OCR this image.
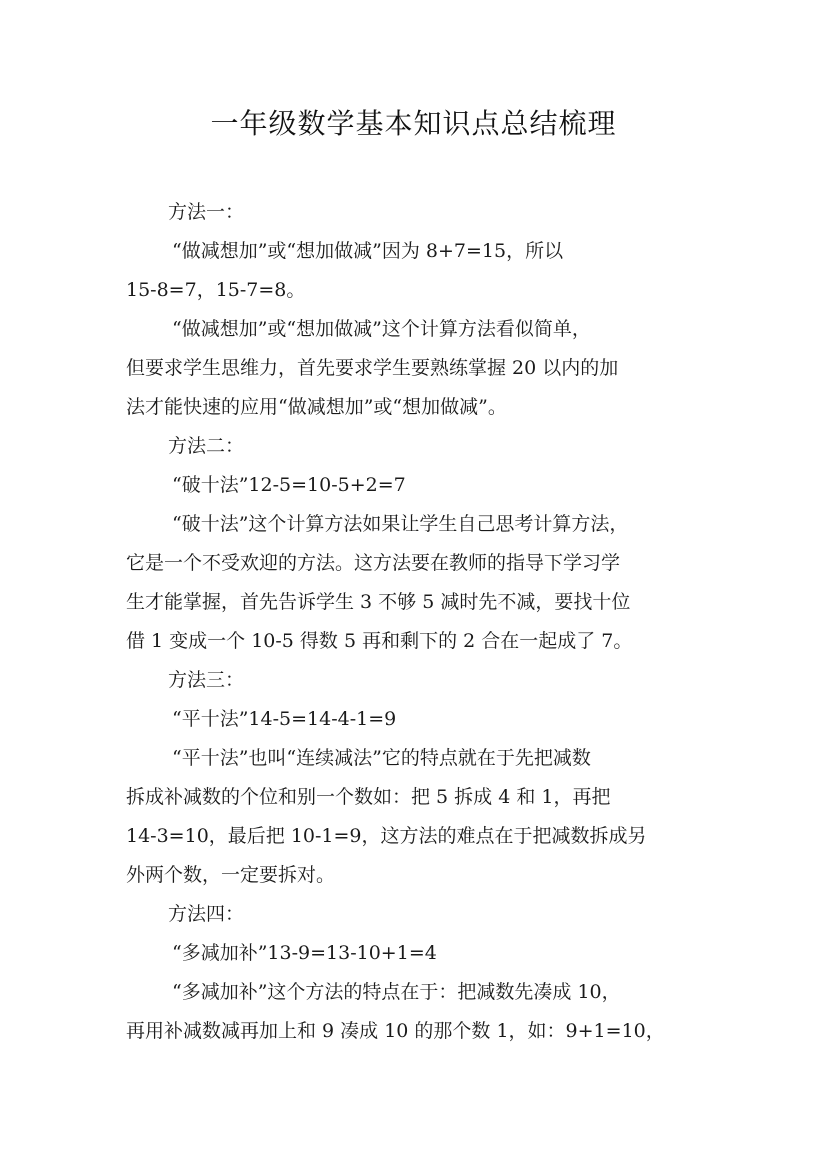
一年级数学基本知识点总结梳理
方法一：
“做减想加”或“想加做减”因为 8+7=15，所以
15-8=7，15-7=8。
“做减想加”或“想加做减”这个计算方法看似简单，
但要求学生思维力，首先要求学生要熟练掌握 20 以内的加
法才能快速的应用“做减想加”或“想加做减”。
方法二：
“破十法”12-5=10-5+2=7
“破十法”这个计算方法如果让学生自己思考计算方法，
它是一个不受欢迎的方法。这方法要在教师的指导下学习学
生才能掌握，首先告诉学生 3 不够 5 减时先不减，要找十位
借 1 变成一个 10-5 得数 5 再和剩下的 2 合在一起成了 7。
方法三：
“平十法”14-5=14-4-1=9
“平十法”也叫“连续减法”它的特点就在于先把减数
拆成补减数的个位和别一个数如：把 5 拆成 4 和 1，再把
14-3=10，最后把 10-1=9，这方法的难点在于把减数拆成另
外两个数，一定要拆对。
方法四：
“多减加补”13-9=13-10+1=4
“多减加补”这个方法的特点在于：把减数先凑成 10，
再用补减数减再加上和 9 凑成 10 的那个数 1，如：9+1=10，
